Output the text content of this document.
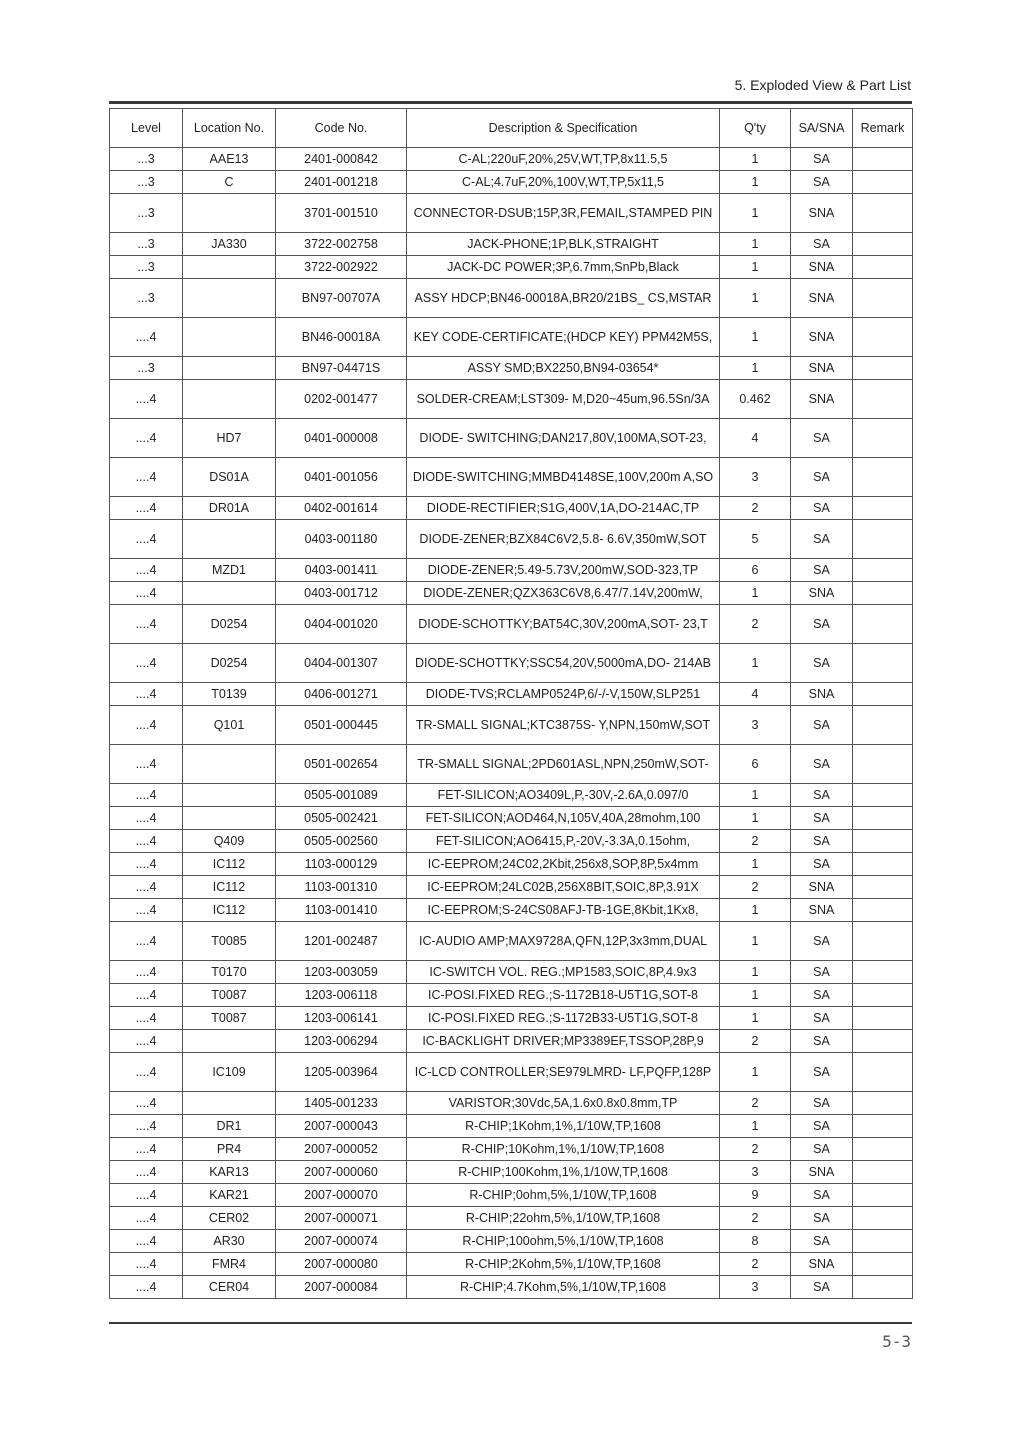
5. Exploded View & Part List
Level	Location No.	Code No.	Description & Specification	Q'ty	SA/SNA	Remark
...3	AAE13	2401-000842	C-AL;220uF,20%,25V,WT,TP,8x11.5,5	1	SA	
...3	C	2401-001218	C-AL;4.7uF,20%,100V,WT,TP,5x11,5	1	SA	
...3		3701-001510	CONNECTOR-DSUB;15P,3R,FEMAIL,STAMPED PIN	1	SNA	
...3	JA330	3722-002758	JACK-PHONE;1P,BLK,STRAIGHT	1	SA	
...3		3722-002922	JACK-DC POWER;3P,6.7mm,SnPb,Black	1	SNA	
...3		BN97-00707A	ASSY HDCP;BN46-00018A,BR20/21BS_ CS,MSTAR	1	SNA	
....4		BN46-00018A	KEY CODE-CERTIFICATE;(HDCP KEY) PPM42M5S,	1	SNA	
...3		BN97-04471S	ASSY SMD;BX2250,BN94-03654*	1	SNA	
....4		0202-001477	SOLDER-CREAM;LST309- M,D20~45um,96.5Sn/3A	0.462	SNA	
....4	HD7	0401-000008	DIODE- SWITCHING;DAN217,80V,100MA,SOT-23,	4	SA	
....4	DS01A	0401-001056	DIODE-SWITCHING;MMBD4148SE,100V,200m A,SO	3	SA	
....4	DR01A	0402-001614	DIODE-RECTIFIER;S1G,400V,1A,DO-214AC,TP	2	SA	
....4		0403-001180	DIODE-ZENER;BZX84C6V2,5.8- 6.6V,350mW,SOT	5	SA	
....4	MZD1	0403-001411	DIODE-ZENER;5.49-5.73V,200mW,SOD-323,TP	6	SA	
....4		0403-001712	DIODE-ZENER;QZX363C6V8,6.47/7.14V,200mW,	1	SNA	
....4	D0254	0404-001020	DIODE-SCHOTTKY;BAT54C,30V,200mA,SOT- 23,T	2	SA	
....4	D0254	0404-001307	DIODE-SCHOTTKY;SSC54,20V,5000mA,DO- 214AB	1	SA	
....4	T0139	0406-001271	DIODE-TVS;RCLAMP0524P,6/-/-V,150W,SLP251	4	SNA	
....4	Q101	0501-000445	TR-SMALL SIGNAL;KTC3875S- Y,NPN,150mW,SOT	3	SA	
....4		0501-002654	TR-SMALL SIGNAL;2PD601ASL,NPN,250mW,SOT-	6	SA	
....4		0505-001089	FET-SILICON;AO3409L,P,-30V,-2.6A,0.097/0	1	SA	
....4		0505-002421	FET-SILICON;AOD464,N,105V,40A,28mohm,100	1	SA	
....4	Q409	0505-002560	FET-SILICON;AO6415,P,-20V,-3.3A,0.15ohm,	2	SA	
....4	IC112	1103-000129	IC-EEPROM;24C02,2Kbit,256x8,SOP,8P,5x4mm	1	SA	
....4	IC112	1103-001310	IC-EEPROM;24LC02B,256X8BIT,SOIC,8P,3.91X	2	SNA	
....4	IC112	1103-001410	IC-EEPROM;S-24CS08AFJ-TB-1GE,8Kbit,1Kx8,	1	SNA	
....4	T0085	1201-002487	IC-AUDIO AMP;MAX9728A,QFN,12P,3x3mm,DUAL	1	SA	
....4	T0170	1203-003059	IC-SWITCH VOL. REG.;MP1583,SOIC,8P,4.9x3	1	SA	
....4	T0087	1203-006118	IC-POSI.FIXED REG.;S-1172B18-U5T1G,SOT-8	1	SA	
....4	T0087	1203-006141	IC-POSI.FIXED REG.;S-1172B33-U5T1G,SOT-8	1	SA	
....4		1203-006294	IC-BACKLIGHT DRIVER;MP3389EF,TSSOP,28P,9	2	SA	
....4	IC109	1205-003964	IC-LCD CONTROLLER;SE979LMRD- LF,PQFP,128P	1	SA	
....4		1405-001233	VARISTOR;30Vdc,5A,1.6x0.8x0.8mm,TP	2	SA	
....4	DR1	2007-000043	R-CHIP;1Kohm,1%,1/10W,TP,1608	1	SA	
....4	PR4	2007-000052	R-CHIP;10Kohm,1%,1/10W,TP,1608	2	SA	
....4	KAR13	2007-000060	R-CHIP;100Kohm,1%,1/10W,TP,1608	3	SNA	
....4	KAR21	2007-000070	R-CHIP;0ohm,5%,1/10W,TP,1608	9	SA	
....4	CER02	2007-000071	R-CHIP;22ohm,5%,1/10W,TP,1608	2	SA	
....4	AR30	2007-000074	R-CHIP;100ohm,5%,1/10W,TP,1608	8	SA	
....4	FMR4	2007-000080	R-CHIP;2Kohm,5%,1/10W,TP,1608	2	SNA	
....4	CER04	2007-000084	R-CHIP;4.7Kohm,5%,1/10W,TP,1608	3	SA	
5-3
